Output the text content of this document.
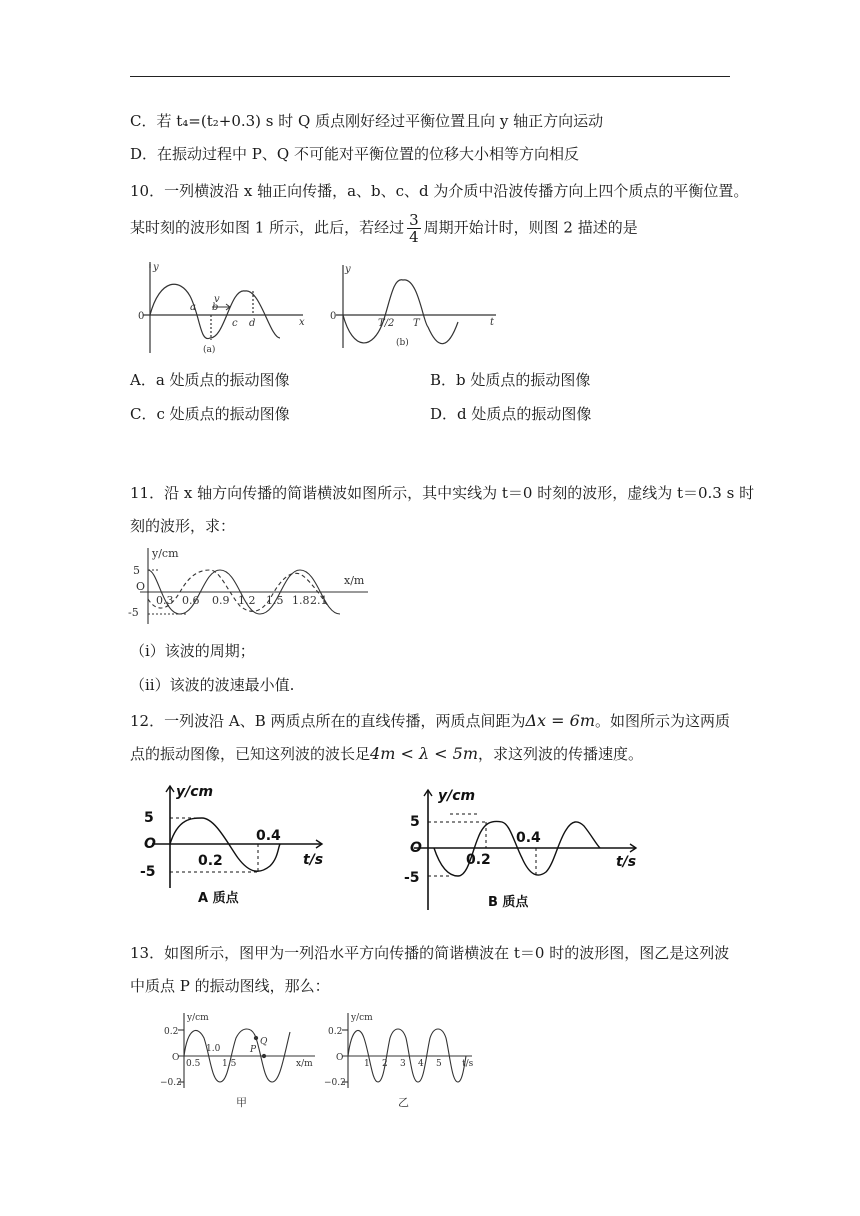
C．若 t₄=(t₂+0.3) s 时 Q 质点刚好经过平衡位置且向 y 轴正方向运动
D．在振动过程中 P、Q 不可能对平衡位置的位移大小相等方向相反
10．一列横波沿 x 轴正向传播，a、b、c、d 为介质中沿波传播方向上四个质点的平衡位置。
某时刻的波形如图 1 所示，此后，若经过 $\frac{3}{4}$ 周期开始计时，则图 2 描述的是
y
0
v
x
a b
c d
(a)
y
0
t
T/2 T
(b)
A．a 处质点的振动图像	B．b 处质点的振动图像
C．c 处质点的振动图像	D．d 处质点的振动图像
11．沿 x 轴方向传播的简谐横波如图所示，其中实线为 t＝0 时刻的波形，虚线为 t＝0.3 s 时
刻的波形，求：
y/cm
x/m
O
5
-5
0.3 0.6 0.9 1.2 1.5 1.8 2.1
（i）该波的周期；
（ii）该波的波速最小值.
12．一列波沿 A、B 两质点所在的直线传播，两质点间距为Δx = 6m。如图所示为这两质
点的振动图像，已知这列波的波长足4m < λ < 5m，求这列波的传播速度。
y/cm
t/s
5
O
-5
0.2
0.4
A 质点
y/cm
t/s
5
O
-5
0.2
0.4
B 质点
13．如图所示，图甲为一列沿水平方向传播的简谐横波在 t＝0 时的波形图，图乙是这列波
中质点 P 的振动图线，那么：
y/cm
x/m
O
0.2
−0.2
0.5
1.0
1.5
P
Q
甲
y/cm
t/s
O
0.2
−0.2
1 2 3 4 5
乙
